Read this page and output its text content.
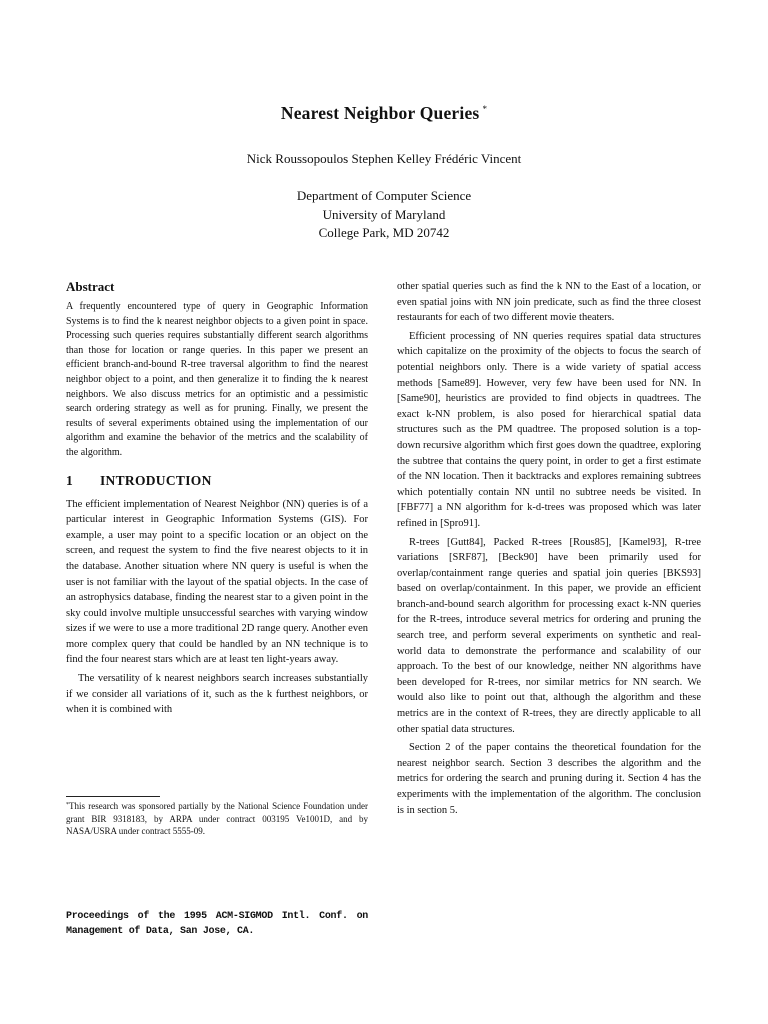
Nearest Neighbor Queries *
Nick Roussopoulos Stephen Kelley Frédéric Vincent
Department of Computer Science
University of Maryland
College Park, MD 20742
Abstract

A frequently encountered type of query in Geographic Information Systems is to find the k nearest neighbor objects to a given point in space. Processing such queries requires substantially different search algorithms than those for location or range queries. In this paper we present an efficient branch-and-bound R-tree traversal algorithm to find the nearest neighbor object to a point, and then generalize it to finding the k nearest neighbors. We also discuss metrics for an optimistic and a pessimistic search ordering strategy as well as for pruning. Finally, we present the results of several experiments obtained using the implementation of our algorithm and examine the behavior of the metrics and the scalability of the algorithm.

1 INTRODUCTION

The efficient implementation of Nearest Neighbor (NN) queries is of a particular interest in Geographic Information Systems (GIS). For example, a user may point to a specific location or an object on the screen, and request the system to find the five nearest objects to it in the database. Another situation where NN query is useful is when the user is not familiar with the layout of the spatial objects. In the case of an astrophysics database, finding the nearest star to a given point in the sky could involve multiple unsuccessful searches with varying window sizes if we were to use a more traditional 2D range query. Another even more complex query that could be handled by an NN technique is to find the four nearest stars which are at least ten light-years away.

The versatility of k nearest neighbors search increases substantially if we consider all variations of it, such as the k furthest neighbors, or when it is combined with

other spatial queries such as find the k NN to the East of a location, or even spatial joins with NN join predicate, such as find the three closest restaurants for each of two different movie theaters.

Efficient processing of NN queries requires spatial data structures which capitalize on the proximity of the objects to focus the search of potential neighbors only. There is a wide variety of spatial access methods [Same89]. However, very few have been used for NN. In [Same90], heuristics are provided to find objects in quadtrees. The exact k-NN problem, is also posed for hierarchical spatial data structures such as the PM quadtree. The proposed solution is a top-down recursive algorithm which first goes down the quadtree, exploring the subtree that contains the query point, in order to get a first estimate of the NN location. Then it backtracks and explores remaining subtrees which potentially contain NN until no subtree needs be visited. In [FBF77] a NN algorithm for k-d-trees was proposed which was later refined in [Spro91].

R-trees [Gutt84], Packed R-trees [Rous85], [Kamel93], R-tree variations [SRF87], [Beck90] have been primarily used for overlap/containment range queries and spatial join queries [BKS93] based on overlap/containment. In this paper, we provide an efficient branch-and-bound search algorithm for processing exact k-NN queries for the R-trees, introduce several metrics for ordering and pruning the search tree, and perform several experiments on synthetic and real-world data to demonstrate the performance and scalability of our approach. To the best of our knowledge, neither NN algorithms have been developed for R-trees, nor similar metrics for NN search. We would also like to point out that, although the algorithm and these metrics are in the context of R-trees, they are directly applicable to all other spatial data structures.

Section 2 of the paper contains the theoretical foundation for the nearest neighbor search. Section 3 describes the algorithm and the metrics for ordering the search and pruning during it. Section 4 has the experiments with the implementation of the algorithm. The conclusion is in section 5.

*This research was sponsored partially by the National Science Foundation under grant BIR 9318183, by ARPA under contract 003195 Ve1001D, and by NASA/USRA under contract 5555-09.
Proceedings of the 1995 ACM-SIGMOD Intl. Conf. on Management of Data, San Jose, CA.
